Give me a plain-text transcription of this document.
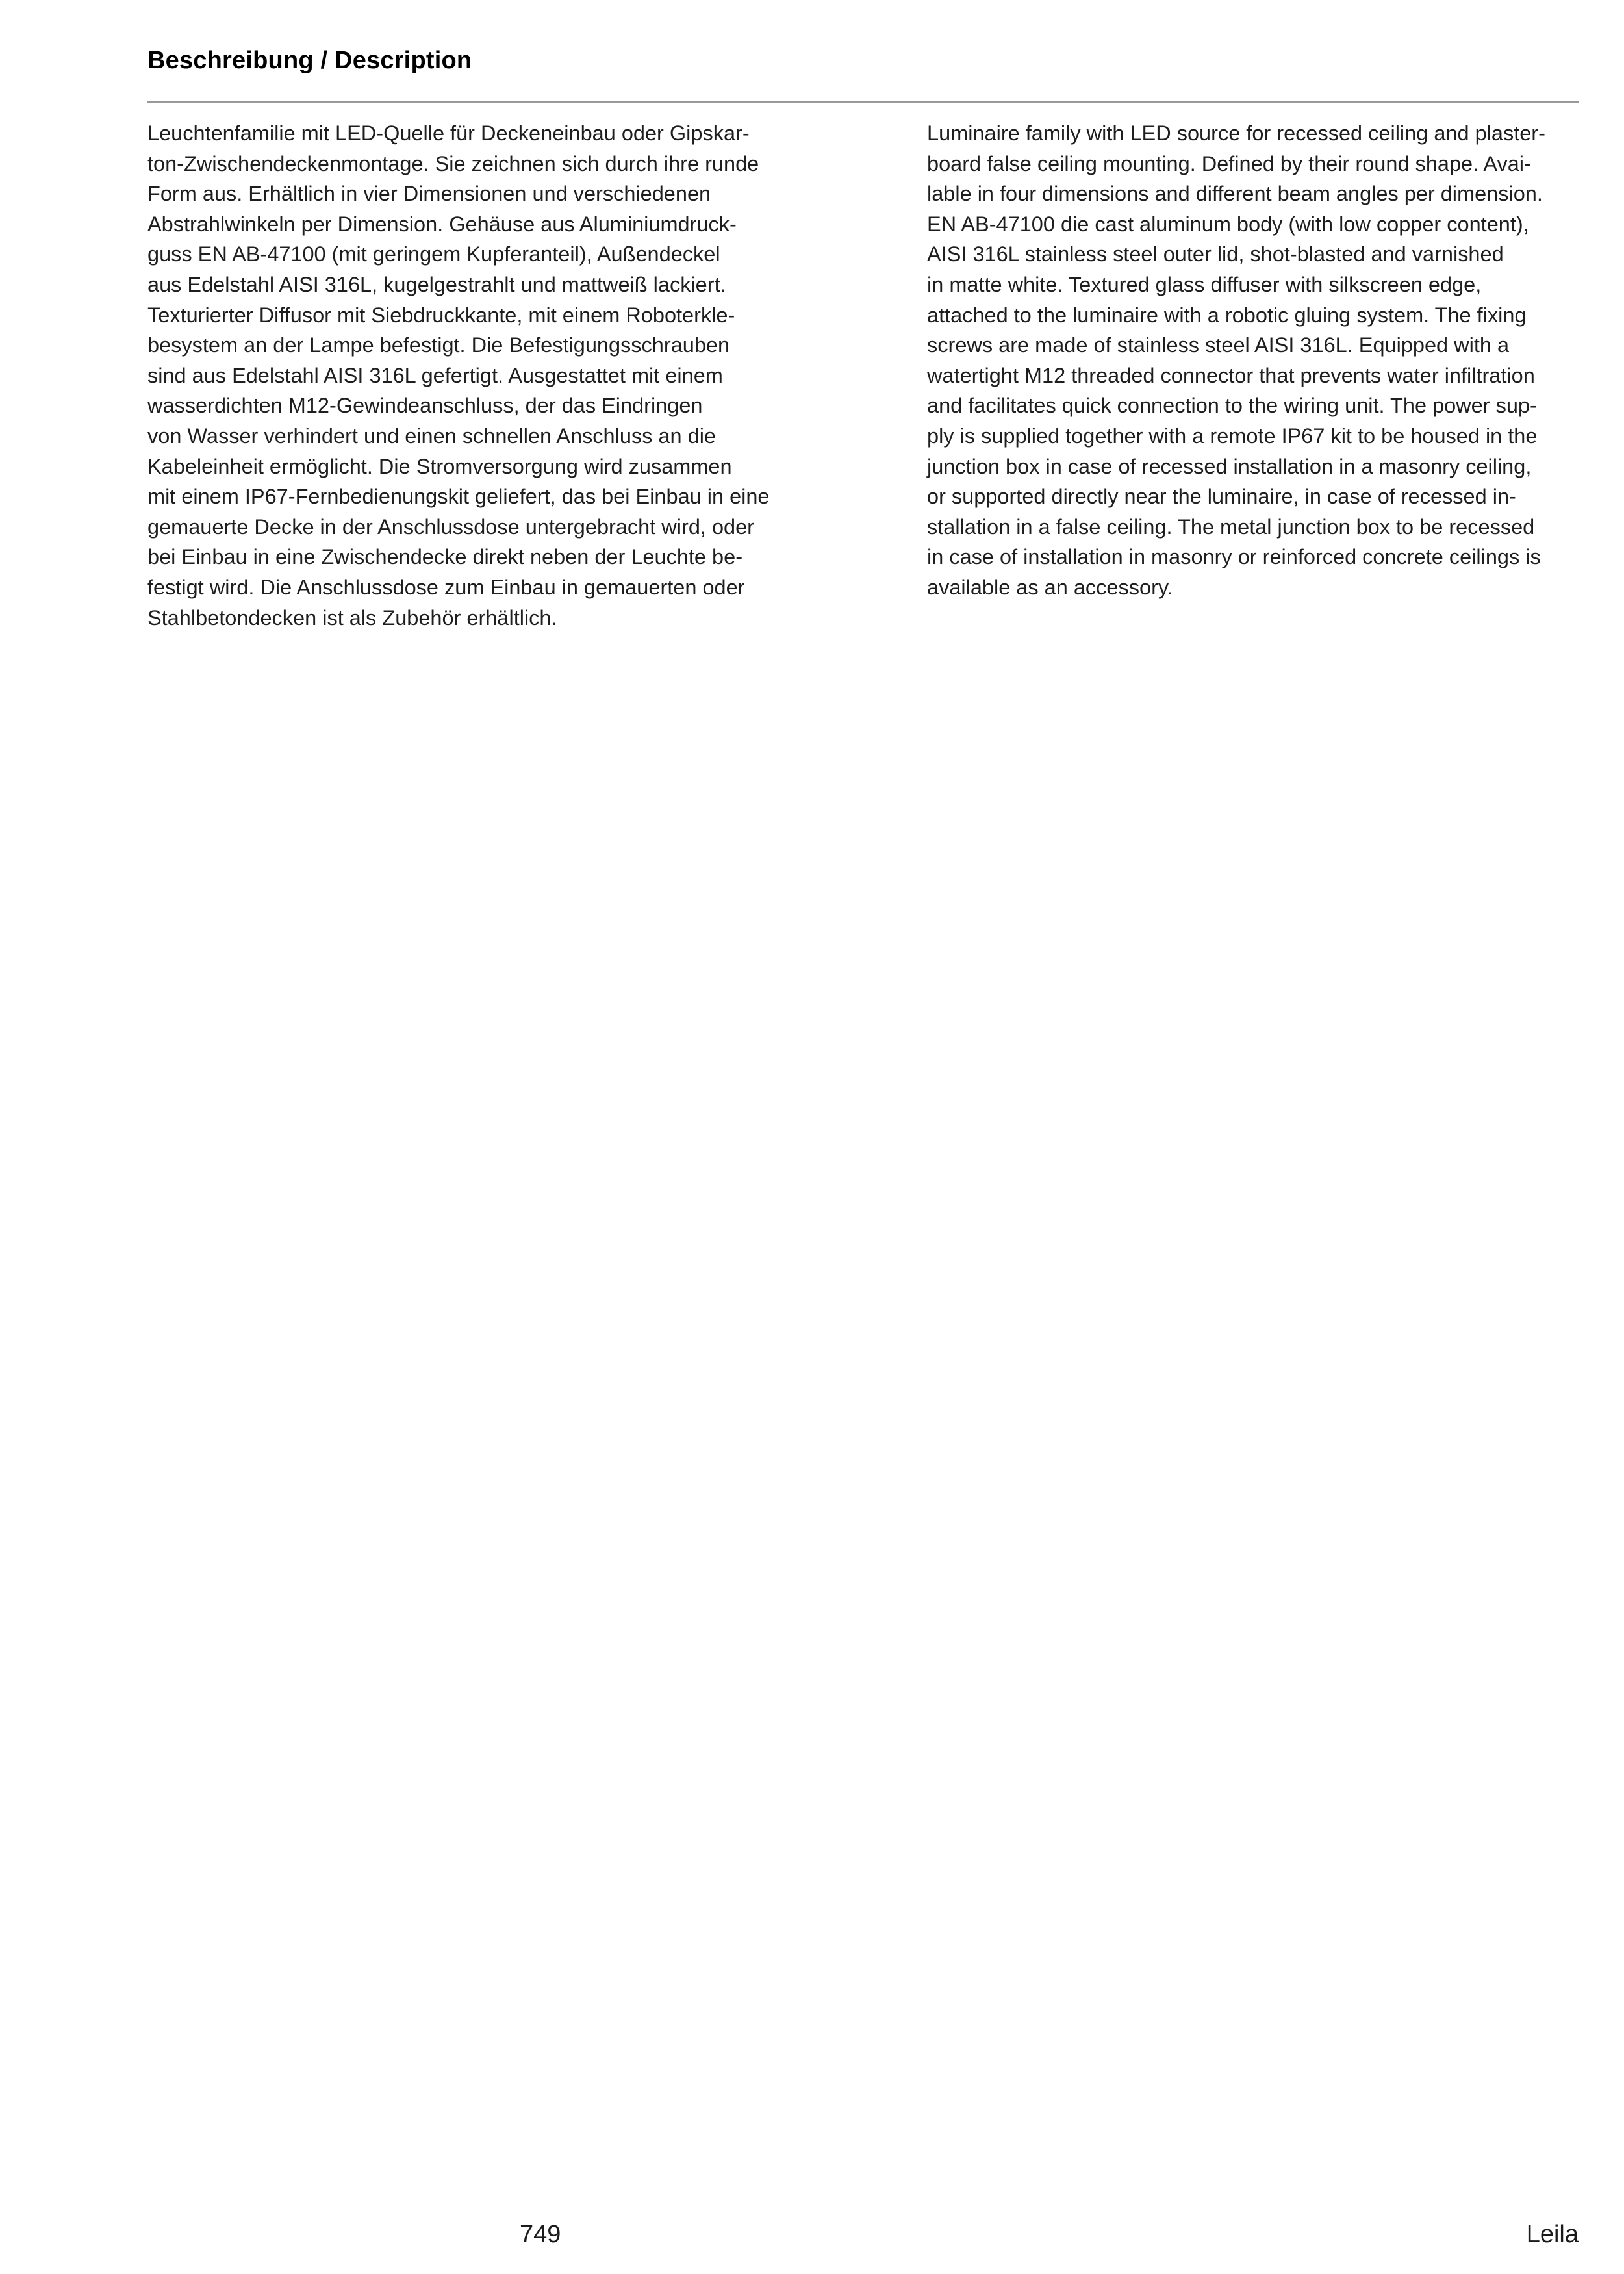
Beschreibung / Description
Leuchtenfamilie mit LED-Quelle für Deckeneinbau oder Gipskar-
ton-Zwischendeckenmontage. Sie zeichnen sich durch ihre runde
Form aus. Erhältlich in vier Dimensionen und verschiedenen
Abstrahlwinkeln per Dimension. Gehäuse aus Aluminiumdruck-
guss EN AB-47100 (mit geringem Kupferanteil), Außendeckel
aus Edelstahl AISI 316L, kugelgestrahlt und mattweiß lackiert.
Texturierter Diffusor mit Siebdruckkante, mit einem Roboterkle-
besystem an der Lampe befestigt. Die Befestigungsschrauben
sind aus Edelstahl AISI 316L gefertigt. Ausgestattet mit einem
wasserdichten M12-Gewindeanschluss, der das Eindringen
von Wasser verhindert und einen schnellen Anschluss an die
Kabeleinheit ermöglicht. Die Stromversorgung wird zusammen
mit einem IP67-Fernbedienungskit geliefert, das bei Einbau in eine
gemauerte Decke in der Anschlussdose untergebracht wird, oder
bei Einbau in eine Zwischendecke direkt neben der Leuchte be-
festigt wird. Die Anschlussdose zum Einbau in gemauerten oder
Stahlbetondecken ist als Zubehör erhältlich.
Luminaire family with LED source for recessed ceiling and plaster-
board false ceiling mounting. Defined by their round shape. Avai-
lable in four dimensions and different beam angles per dimension.
EN AB-47100 die cast aluminum body (with low copper content),
AISI 316L stainless steel outer lid, shot-blasted and varnished
in matte white. Textured glass diffuser with silkscreen edge,
attached to the luminaire with a robotic gluing system. The fixing
screws are made of stainless steel AISI 316L. Equipped with a
watertight M12 threaded connector that prevents water infiltration
and facilitates quick connection to the wiring unit. The power sup-
ply is supplied together with a remote IP67 kit to be housed in the
junction box in case of recessed installation in a masonry ceiling,
or supported directly near the luminaire, in case of recessed in-
stallation in a false ceiling. The metal junction box to be recessed
in case of installation in masonry or reinforced concrete ceilings is
available as an accessory.
749	Leila
